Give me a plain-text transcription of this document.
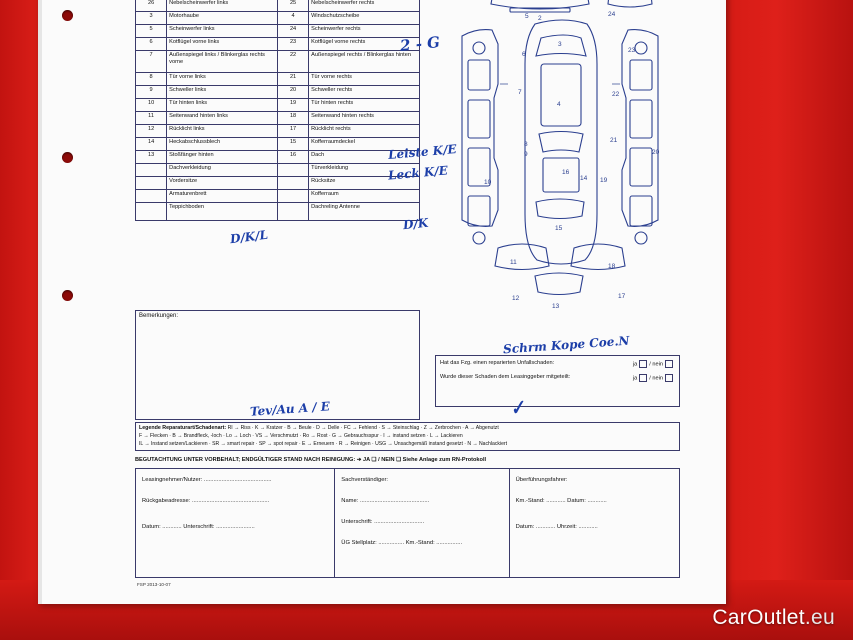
26	Nebelscheinwerfer links	25	Nebelscheinwerfer rechts
3	Motorhaube	4	Windschutzscheibe
5	Scheinwerfer links	24	Scheinwerfer rechts
6	Kotflügel vorne links	23	Kotflügel vorne rechts
7	Außenspiegel links / Blinkerglas rechts vorne	22	Außenspiegel rechts / Blinkerglas hinten
8	Tür vorne links	21	Tür vorne rechts
9	Schweller links	20	Schweller rechts
10	Tür hinten links	19	Tür hinten rechts
11	Seitenwand hinten links	18	Seitenwand hinten rechts
12	Rücklicht links	17	Rücklicht rechts
14	Heckabschlussblech	15	Kofferraumdeckel
13	Stoßfänger hinten	16	Dach
	Dachverkleidung		Türverkleidung
	Vordersitze		Rücksitze
	Armaturenbrett		Kofferraum
	Teppichboden		Dachreling Antenne
2
3
4
5
6
7
8
9
10
11
12
13
14
15
16
17
18
19
20
21
22
23
24
Bemerkungen:
Hat das Fzg. einen reparierten Unfallschaden:	ja / nein
Wurde dieser Schaden dem Leasinggeber mitgeteilt:	ja / nein
Legende Reparaturart/Schadenart: RI → Riss · K → Kratzer · B → Beule · D → Delle · FC → Fehlend · S → Steinschlag · Z → Zerbrochen · A → Abgenutzt
F → Flecken · B → Brandfleck, -loch · Lo → Loch · VS → Verschmutzt · Ro → Rost · G → Gebrauchsspur · I → instand setzen · L → Lackieren
IL → Instand setzen/Lackieren · SR → smart repair · SP → spot repair · E → Erneuern · R → Reinigen · USG → Unsachgemäß instand gesetzt · N → Nachlackiert
BEGUTACHTUNG UNTER VORBEHALT; ENDGÜLTIGER STAND NACH REINIGUNG: ➔ JA ❑ / NEIN ❑ Siehe Anlage zum RN-Protokoll
Leasingnehmer/Nutzer: ..........................................
Rückgabeadresse: ................................................
Datum: ............ Unterschrift: ........................
Sachverständiger:
Name: ...........................................
Unterschrift: ...............................
ÜG Stellplatz: ................ Km.-Stand: ................
Überführungsfahrer:
Km.-Stand: ............ Datum: ............
Datum: ............ Uhrzeit: ............
FSP 2013-10-07
2 - G
Leiste K/E
Leck K/E
D/K
D/K/L
Schrm Kope Coe.N
Tev/Au A / E	✓
CarOutlet.eu
